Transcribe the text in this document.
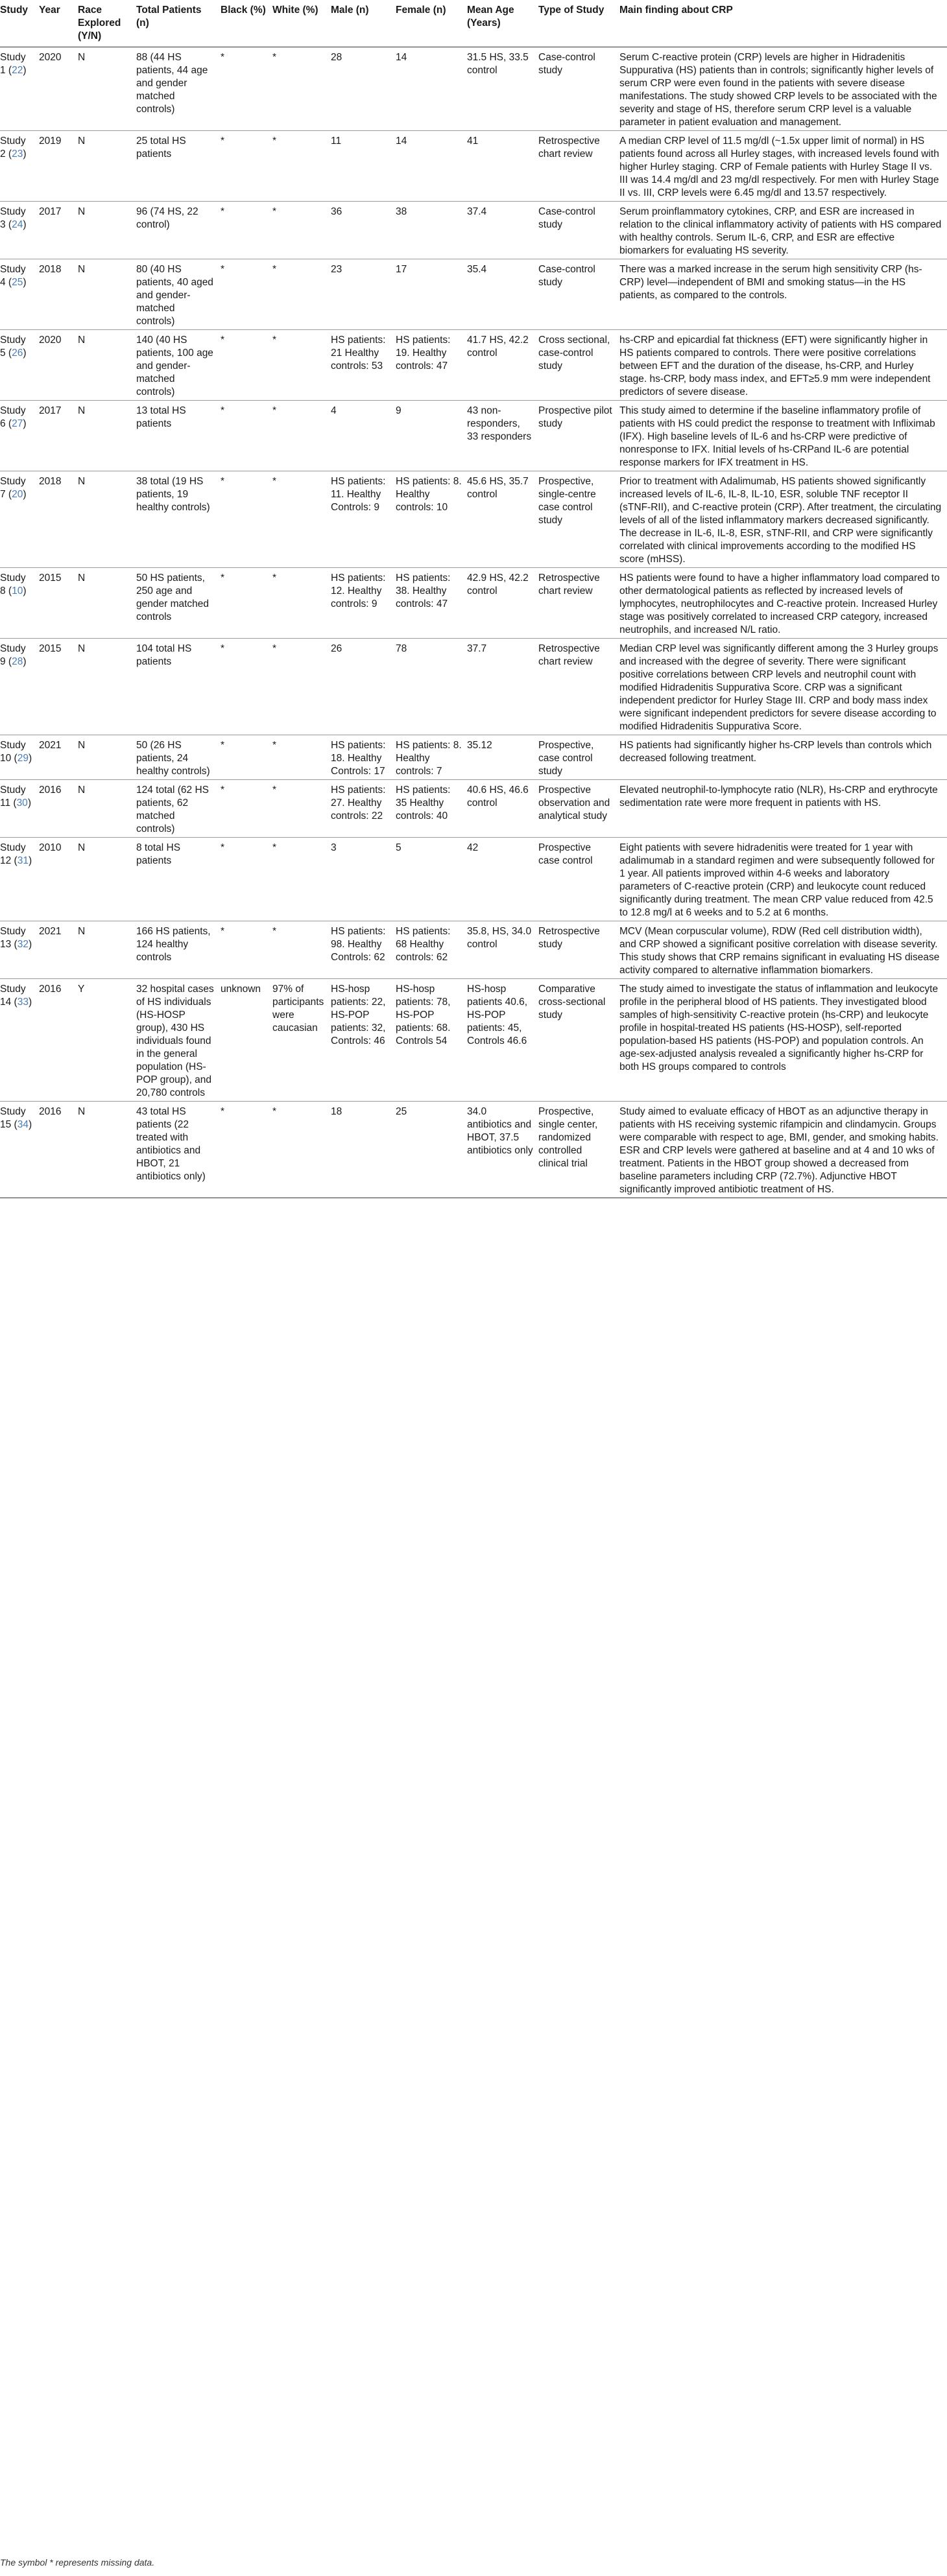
Study	Year	Race Explored (Y/N)	Total Patients (n)	Black (%)	White (%)	Male (n)	Female (n)	Mean Age (Years)	Type of Study	Main finding about CRP
Study 1 (22)	2020	N	88 (44 HS patients, 44 age and gender matched controls)	*	*	28	14	31.5 HS, 33.5 control	Case-control study	Serum C-reactive protein (CRP) levels are higher in Hidradenitis Suppurativa (HS) patients than in controls; significantly higher levels of serum CRP were even found in the patients with severe disease manifestations. The study showed CRP levels to be associated with the severity and stage of HS, therefore serum CRP level is a valuable parameter in patient evaluation and management.
Study 2 (23)	2019	N	25 total HS patients	*	*	11	14	41	Retrospective chart review	A median CRP level of 11.5 mg/dl (~1.5x upper limit of normal) in HS patients found across all Hurley stages, with increased levels found with higher Hurley staging. CRP of Female patients with Hurley Stage II vs. III was 14.4 mg/dl and 23 mg/dl respectively. For men with Hurley Stage II vs. III, CRP levels were 6.45 mg/dl and 13.57 respectively.
Study 3 (24)	2017	N	96 (74 HS, 22 control)	*	*	36	38	37.4	Case-control study	Serum proinflammatory cytokines, CRP, and ESR are increased in relation to the clinical inflammatory activity of patients with HS compared with healthy controls. Serum IL-6, CRP, and ESR are effective biomarkers for evaluating HS severity.
Study 4 (25)	2018	N	80 (40 HS patients, 40 aged and gender-matched controls)	*	*	23	17	35.4	Case-control study	There was a marked increase in the serum high sensitivity CRP (hs-CRP) level—independent of BMI and smoking status—in the HS patients, as compared to the controls.
Study 5 (26)	2020	N	140 (40 HS patients, 100 age and gender-matched controls)	*	*	HS patients: 21 Healthy controls: 53	HS patients: 19. Healthy controls: 47	41.7 HS, 42.2 control	Cross sectional, case-control study	hs-CRP and epicardial fat thickness (EFT) were significantly higher in HS patients compared to controls. There were positive correlations between EFT and the duration of the disease, hs-CRP, and Hurley stage. hs-CRP, body mass index, and EFT≥5.9 mm were independent predictors of severe disease.
Study 6 (27)	2017	N	13 total HS patients	*	*	4	9	43 non-responders, 33 responders	Prospective pilot study	This study aimed to determine if the baseline inflammatory profile of patients with HS could predict the response to treatment with Infliximab (IFX). High baseline levels of IL-6 and hs-CRP were predictive of nonresponse to IFX. Initial levels of hs-CRPand IL-6 are potential response markers for IFX treatment in HS.
Study 7 (20)	2018	N	38 total (19 HS patients, 19 healthy controls)	*	*	HS patients: 11. Healthy Controls: 9	HS patients: 8. Healthy controls: 10	45.6 HS, 35.7 control	Prospective, single-centre case control study	Prior to treatment with Adalimumab, HS patients showed significantly increased levels of IL-6, IL-8, IL-10, ESR, soluble TNF receptor II (sTNF-RII), and C-reactive protein (CRP). After treatment, the circulating levels of all of the listed inflammatory markers decreased significantly. The decrease in IL-6, IL-8, ESR, sTNF-RII, and CRP were significantly correlated with clinical improvements according to the modified HS score (mHSS).
Study 8 (10)	2015	N	50 HS patients, 250 age and gender matched controls	*	*	HS patients: 12. Healthy controls: 9	HS patients: 38. Healthy controls: 47	42.9 HS, 42.2 control	Retrospective chart review	HS patients were found to have a higher inflammatory load compared to other dermatological patients as reflected by increased levels of lymphocytes, neutrophilocytes and C-reactive protein. Increased Hurley stage was positively correlated to increased CRP category, increased neutrophils, and increased N/L ratio.
Study 9 (28)	2015	N	104 total HS patients	*	*	26	78	37.7	Retrospective chart review	Median CRP level was significantly different among the 3 Hurley groups and increased with the degree of severity. There were significant positive correlations between CRP levels and neutrophil count with modified Hidradenitis Suppurativa Score. CRP was a significant independent predictor for Hurley Stage III. CRP and body mass index were significant independent predictors for severe disease according to modified Hidradenitis Suppurativa Score.
Study 10 (29)	2021	N	50 (26 HS patients, 24 healthy controls)	*	*	HS patients: 18. Healthy Controls: 17	HS patients: 8. Healthy controls: 7	35.12	Prospective, case control study	HS patients had significantly higher hs-CRP levels than controls which decreased following treatment.
Study 11 (30)	2016	N	124 total (62 HS patients, 62 matched controls)	*	*	HS patients: 27. Healthy controls: 22	HS patients: 35 Healthy controls: 40	40.6 HS, 46.6 control	Prospective observation and analytical study	Elevated neutrophil-to-lymphocyte ratio (NLR), Hs-CRP and erythrocyte sedimentation rate were more frequent in patients with HS.
Study 12 (31)	2010	N	8 total HS patients	*	*	3	5	42	Prospective case control	Eight patients with severe hidradenitis were treated for 1 year with adalimumab in a standard regimen and were subsequently followed for 1 year. All patients improved within 4-6 weeks and laboratory parameters of C-reactive protein (CRP) and leukocyte count reduced significantly during treatment. The mean CRP value reduced from 42.5 to 12.8 mg/l at 6 weeks and to 5.2 at 6 months.
Study 13 (32)	2021	N	166 HS patients, 124 healthy controls	*	*	HS patients: 98. Healthy Controls: 62	HS patients: 68 Healthy controls: 62	35.8, HS, 34.0 control	Retrospective study	MCV (Mean corpuscular volume), RDW (Red cell distribution width), and CRP showed a significant positive correlation with disease severity. This study shows that CRP remains significant in evaluating HS disease activity compared to alternative inflammation biomarkers.
Study 14 (33)	2016	Y	32 hospital cases of HS individuals (HS-HOSP group), 430 HS individuals found in the general population (HS-POP group), and 20,780 controls	unknown	97% of participants were caucasian	HS-hosp patients: 22, HS-POP patients: 32, Controls: 46	HS-hosp patients: 78, HS-POP patients: 68. Controls 54	HS-hosp patients 40.6, HS-POP patients: 45, Controls 46.6	Comparative cross-sectional study	The study aimed to investigate the status of inflammation and leukocyte profile in the peripheral blood of HS patients. They investigated blood samples of high-sensitivity C-reactive protein (hs-CRP) and leukocyte profile in hospital-treated HS patients (HS-HOSP), self-reported population-based HS patients (HS-POP) and population controls. An age-sex-adjusted analysis revealed a significantly higher hs-CRP for both HS groups compared to controls
Study 15 (34)	2016	N	43 total HS patients (22 treated with antibiotics and HBOT, 21 antibiotics only)	*	*	18	25	34.0 antibiotics and HBOT, 37.5 antibiotics only	Prospective, single center, randomized controlled clinical trial	Study aimed to evaluate efficacy of HBOT as an adjunctive therapy in patients with HS receiving systemic rifampicin and clindamycin. Groups were comparable with respect to age, BMI, gender, and smoking habits. ESR and CRP levels were gathered at baseline and at 4 and 10 wks of treatment. Patients in the HBOT group showed a decreased from baseline parameters including CRP (72.7%). Adjunctive HBOT significantly improved antibiotic treatment of HS.
The symbol * represents missing data.
